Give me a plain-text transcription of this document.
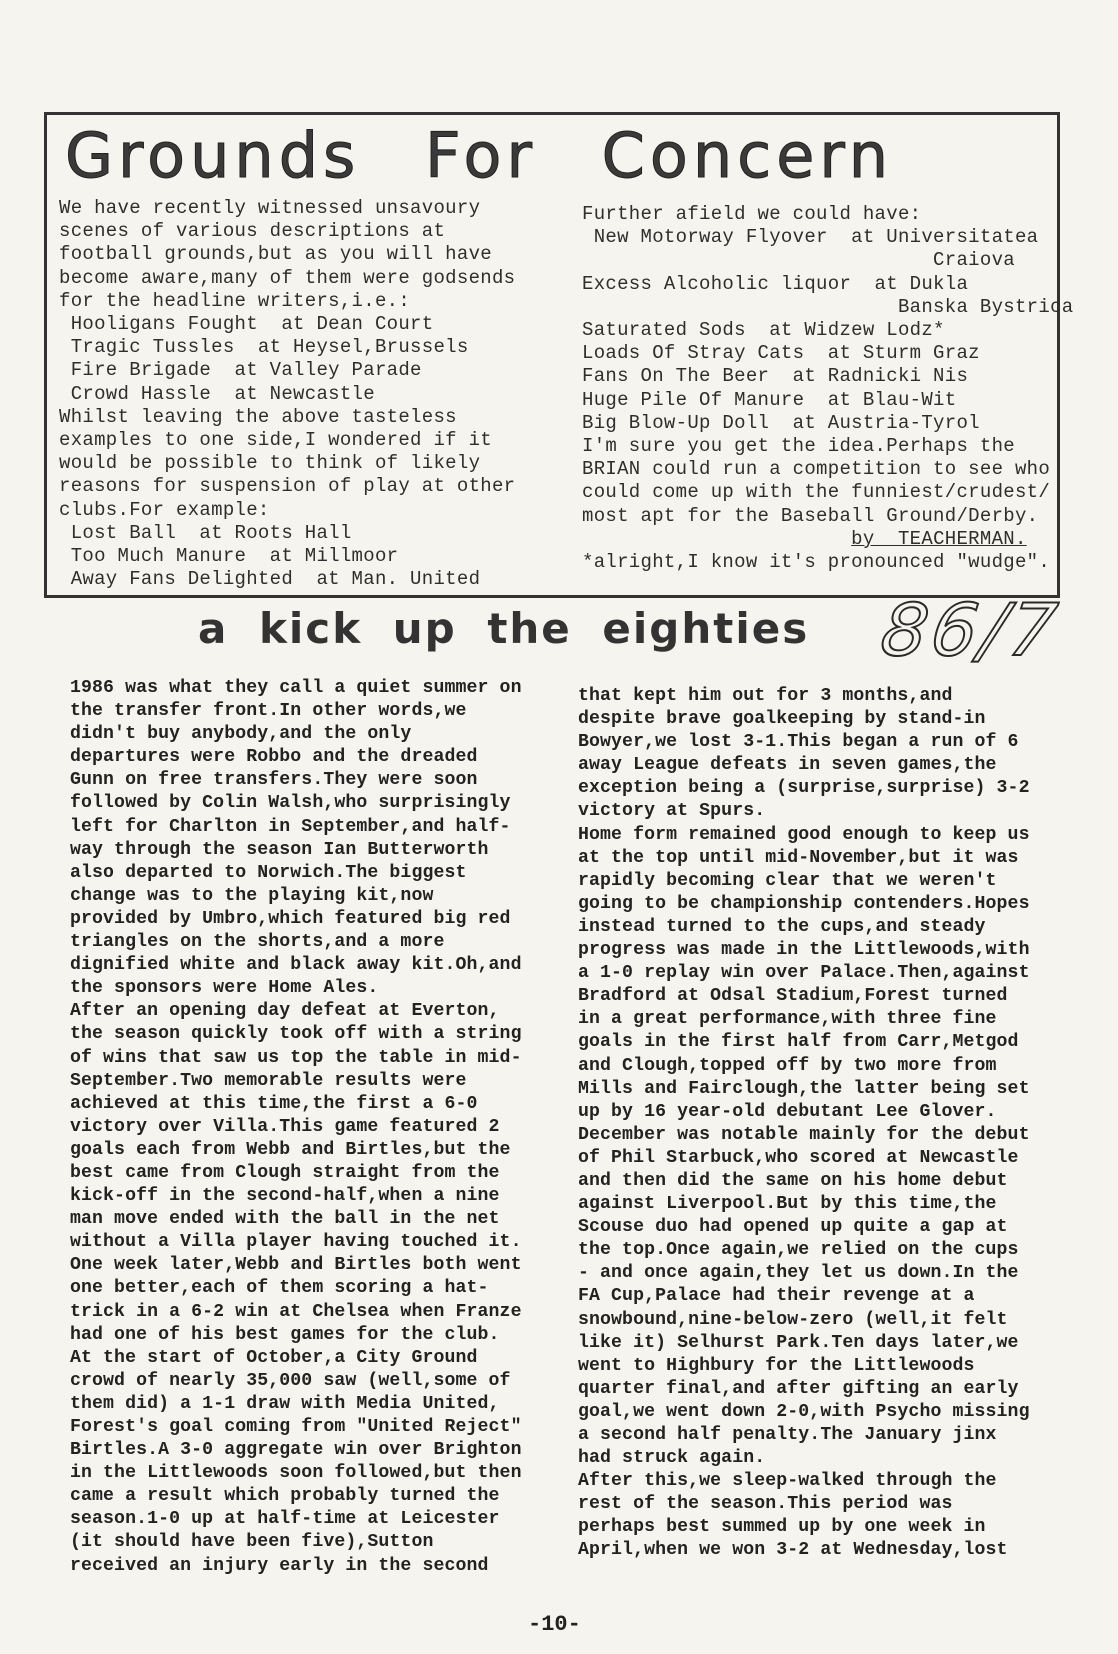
Grounds For Concern
We have recently witnessed unsavoury
scenes of various descriptions at
football grounds,but as you will have
become aware,many of them were godsends
for the headline writers,i.e.:
Hooligans Fought  at Dean Court
Tragic Tussles  at Heysel,Brussels
Fire Brigade  at Valley Parade
Crowd Hassle  at Newcastle
Whilst leaving the above tasteless
examples to one side,I wondered if it
would be possible to think of likely
reasons for suspension of play at other
clubs.For example:
Lost Ball  at Roots Hall
Too Much Manure  at Millmoor
Away Fans Delighted  at Man. United
Further afield we could have:
New Motorway Flyover  at Universitatea
Craiova
Excess Alcoholic liquor  at Dukla
Banska Bystrica
Saturated Sods  at Widzew Lodz*
Loads Of Stray Cats  at Sturm Graz
Fans On The Beer  at Radnicki Nis
Huge Pile Of Manure  at Blau-Wit
Big Blow-Up Doll  at Austria-Tyrol
I'm sure you get the idea.Perhaps the
BRIAN could run a competition to see who
could come up with the funniest/crudest/
most apt for the Baseball Ground/Derby.
by  TEACHERMAN.
*alright,I know it's pronounced "wudge".
a kick up the eighties 86/7
1986 was what they call a quiet summer on
the transfer front.In other words,we
didn't buy anybody,and the only
departures were Robbo and the dreaded
Gunn on free transfers.They were soon
followed by Colin Walsh,who surprisingly
left for Charlton in September,and half-
way through the season Ian Butterworth
also departed to Norwich.The biggest
change was to the playing kit,now
provided by Umbro,which featured big red
triangles on the shorts,and a more
dignified white and black away kit.Oh,and
the sponsors were Home Ales.
After an opening day defeat at Everton,
the season quickly took off with a string
of wins that saw us top the table in mid-
September.Two memorable results were
achieved at this time,the first a 6-0
victory over Villa.This game featured 2
goals each from Webb and Birtles,but the
best came from Clough straight from the
kick-off in the second-half,when a nine
man move ended with the ball in the net
without a Villa player having touched it.
One week later,Webb and Birtles both went
one better,each of them scoring a hat-
trick in a 6-2 win at Chelsea when Franze
had one of his best games for the club.
At the start of October,a City Ground
crowd of nearly 35,000 saw (well,some of
them did) a 1-1 draw with Media United,
Forest's goal coming from "United Reject"
Birtles.A 3-0 aggregate win over Brighton
in the Littlewoods soon followed,but then
came a result which probably turned the
season.1-0 up at half-time at Leicester
(it should have been five),Sutton
received an injury early in the second
that kept him out for 3 months,and
despite brave goalkeeping by stand-in
Bowyer,we lost 3-1.This began a run of 6
away League defeats in seven games,the
exception being a (surprise,surprise) 3-2
victory at Spurs.
Home form remained good enough to keep us
at the top until mid-November,but it was
rapidly becoming clear that we weren't
going to be championship contenders.Hopes
instead turned to the cups,and steady
progress was made in the Littlewoods,with
a 1-0 replay win over Palace.Then,against
Bradford at Odsal Stadium,Forest turned
in a great performance,with three fine
goals in the first half from Carr,Metgod
and Clough,topped off by two more from
Mills and Fairclough,the latter being set
up by 16 year-old debutant Lee Glover.
December was notable mainly for the debut
of Phil Starbuck,who scored at Newcastle
and then did the same on his home debut
against Liverpool.But by this time,the
Scouse duo had opened up quite a gap at
the top.Once again,we relied on the cups
- and once again,they let us down.In the
FA Cup,Palace had their revenge at a
snowbound,nine-below-zero (well,it felt
like it) Selhurst Park.Ten days later,we
went to Highbury for the Littlewoods
quarter final,and after gifting an early
goal,we went down 2-0,with Psycho missing
a second half penalty.The January jinx
had struck again.
After this,we sleep-walked through the
rest of the season.This period was
perhaps best summed up by one week in
April,when we won 3-2 at Wednesday,lost
-10-
